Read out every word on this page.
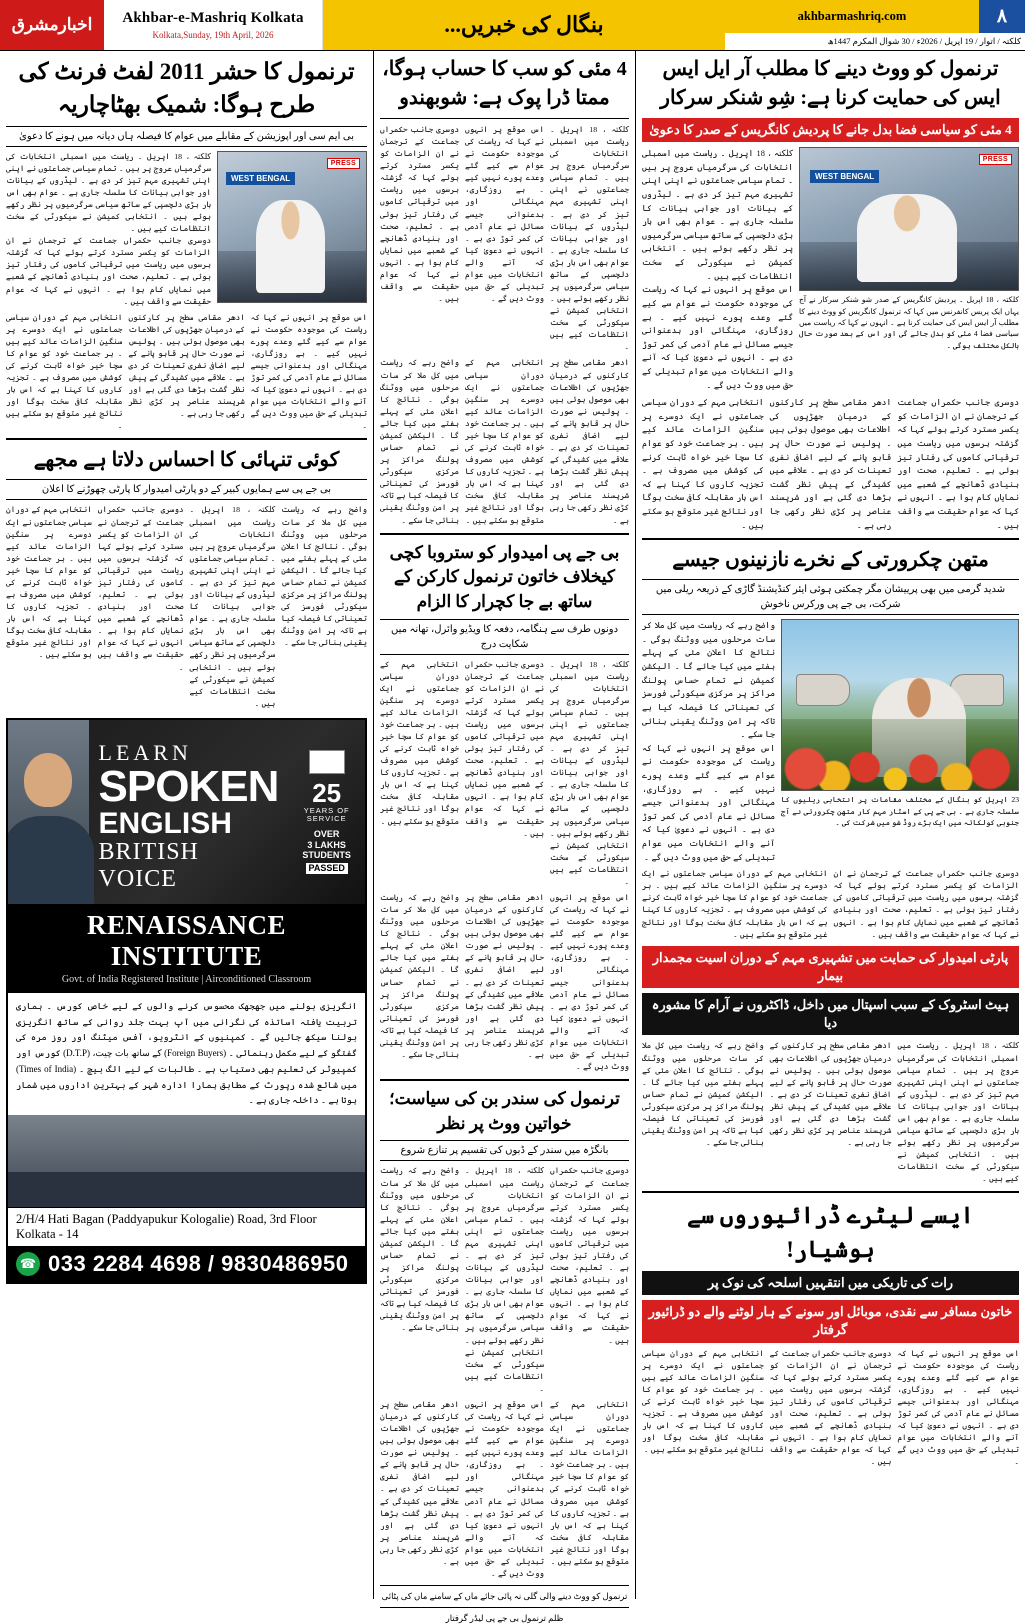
اخبارمشرق	Akhbar-e-Mashriq Kolkata
Kolkata,Sunday, 19th April, 2026	بنگال کی خبریں...	akhbarmashriq.com	۸
کلکتہ / اتوار / 19 اپریل / 2026ء / 30 شوال المکرم 1447ھ
ترنمول کو ووٹ دینے کا مطلب آر ایل ایس ایس کی حمایت کرنا ہے: شِو شنکر سرکار
4 مئی کو سیاسی فضا بدل جانے کا پردیش کانگریس کے صدر کا دعویٰ
PRESS
WEST BENGAL
کلکتہ ، 18 اپریل ۔ پردیش کانگریس کے صدر شو شنکر سرکار نے آج یہاں ایک پریس کانفرنس میں کہا کہ ترنمول کانگریس کو ووٹ دینے کا مطلب آر ایس ایس کی حمایت کرنا ہے ۔ انہوں نے کہا کہ ریاست میں سیاسی فضا 4 مئی کو بدل جائے گی اور اس کے بعد صورت حال بالکل مختلف ہوگی ۔
کلکتہ ، 18 اپریل ۔ ریاست میں اسمبلی انتخابات کی سرگرمیاں عروج پر ہیں ۔ تمام سیاسی جماعتوں نے اپنی اپنی تشہیری مہم تیز کر دی ہے ۔ لیڈروں کے بیانات اور جوابی بیانات کا سلسلہ جاری ہے ۔ عوام بھی اس بار بڑی دلچسپی کے ساتھ سیاسی سرگرمیوں پر نظر رکھے ہوئے ہیں ۔ انتخابی کمیشن نے سیکورٹی کے سخت انتظامات کیے ہیں ۔
اس موقع پر انہوں نے کہا کہ ریاست کی موجودہ حکومت نے عوام سے کیے گئے وعدے پورے نہیں کیے ۔ بے روزگاری، مہنگائی اور بدعنوانی جیسے مسائل نے عام آدمی کی کمر توڑ دی ہے ۔ انہوں نے دعویٰ کیا کہ آنے والے انتخابات میں عوام تبدیلی کے حق میں ووٹ دیں گے ۔
دوسری جانب حکمراں جماعت کے ترجمان نے ان الزامات کو یکسر مسترد کرتے ہوئے کہا کہ گزشتہ برسوں میں ریاست میں ترقیاتی کاموں کی رفتار تیز ہوئی ہے ۔ تعلیم، صحت اور بنیادی ڈھانچے کے شعبے میں نمایاں کام ہوا ہے ۔ انہوں نے کہا کہ عوام حقیقت سے واقف ہیں ۔
ادھر مقامی سطح پر کارکنوں کے درمیان جھڑپوں کی اطلاعات بھی موصول ہوئی ہیں ۔ پولیس نے صورت حال پر قابو پانے کے لیے اضافی نفری تعینات کر دی ہے ۔ علاقے میں کشیدگی کے پیش نظر گشت بڑھا دی گئی ہے اور شرپسند عناصر پر کڑی نظر رکھی جا رہی ہے ۔
انتخابی مہم کے دوران سیاسی جماعتوں نے ایک دوسرے پر سنگین الزامات عائد کیے ہیں ۔ ہر جماعت خود کو عوام کا سچا خیر خواہ ثابت کرنے کی کوشش میں مصروف ہے ۔ تجزیہ کاروں کا کہنا ہے کہ اس بار مقابلہ کافی سخت ہوگا اور نتائج غیر متوقع ہو سکتے ہیں ۔
متھن چکرورتی کے نخرے نازنینوں جیسے
شدید گرمی میں بھی پرییشان مگر چمکتی ہوئی ایئر کنڈیشنڈ گاڑی کے ذریعہ ریلی میں شرکت، بی جے پی ورکرس ناخوش
23 اپریل کو بنگال کے مختلف مقامات پر انتخابی ریلیوں کا سلسلہ جاری ہے ۔ بی جے پی کے اسٹار مہم کار متھن چکرورتی نے آج جنوبی کولکاتہ میں ایک بڑے روڈ شو میں شرکت کی ۔
واضح رہے کہ ریاست میں کل ملا کر سات مرحلوں میں ووٹنگ ہوگی ۔ نتائج کا اعلان مئی کے پہلے ہفتے میں کیا جائے گا ۔ الیکشن کمیشن نے تمام حساس پولنگ مراکز پر مرکزی سیکورٹی فورسز کی تعیناتی کا فیصلہ کیا ہے تاکہ پر امن ووٹنگ یقینی بنائی جا سکے ۔
اس موقع پر انہوں نے کہا کہ ریاست کی موجودہ حکومت نے عوام سے کیے گئے وعدے پورے نہیں کیے ۔ بے روزگاری، مہنگائی اور بدعنوانی جیسے مسائل نے عام آدمی کی کمر توڑ دی ہے ۔ انہوں نے دعویٰ کیا کہ آنے والے انتخابات میں عوام تبدیلی کے حق میں ووٹ دیں گے ۔
دوسری جانب حکمراں جماعت کے ترجمان نے ان الزامات کو یکسر مسترد کرتے ہوئے کہا کہ گزشتہ برسوں میں ریاست میں ترقیاتی کاموں کی رفتار تیز ہوئی ہے ۔ تعلیم، صحت اور بنیادی ڈھانچے کے شعبے میں نمایاں کام ہوا ہے ۔ انہوں نے کہا کہ عوام حقیقت سے واقف ہیں ۔
انتخابی مہم کے دوران سیاسی جماعتوں نے ایک دوسرے پر سنگین الزامات عائد کیے ہیں ۔ ہر جماعت خود کو عوام کا سچا خیر خواہ ثابت کرنے کی کوشش میں مصروف ہے ۔ تجزیہ کاروں کا کہنا ہے کہ اس بار مقابلہ کافی سخت ہوگا اور نتائج غیر متوقع ہو سکتے ہیں ۔
پارٹی امیدوار کی حمایت میں تشہیری مہم کے دوران اسیت مجمدار بیمار
ہیٹ اسٹروک کے سبب اسپتال میں داخل، ڈاکٹروں نے آرام کا مشورہ دیا
کلکتہ ، 18 اپریل ۔ ریاست میں اسمبلی انتخابات کی سرگرمیاں عروج پر ہیں ۔ تمام سیاسی جماعتوں نے اپنی اپنی تشہیری مہم تیز کر دی ہے ۔ لیڈروں کے بیانات اور جوابی بیانات کا سلسلہ جاری ہے ۔ عوام بھی اس بار بڑی دلچسپی کے ساتھ سیاسی سرگرمیوں پر نظر رکھے ہوئے ہیں ۔ انتخابی کمیشن نے سیکورٹی کے سخت انتظامات کیے ہیں ۔
ادھر مقامی سطح پر کارکنوں کے درمیان جھڑپوں کی اطلاعات بھی موصول ہوئی ہیں ۔ پولیس نے صورت حال پر قابو پانے کے لیے اضافی نفری تعینات کر دی ہے ۔ علاقے میں کشیدگی کے پیش نظر گشت بڑھا دی گئی ہے اور شرپسند عناصر پر کڑی نظر رکھی جا رہی ہے ۔
واضح رہے کہ ریاست میں کل ملا کر سات مرحلوں میں ووٹنگ ہوگی ۔ نتائج کا اعلان مئی کے پہلے ہفتے میں کیا جائے گا ۔ الیکشن کمیشن نے تمام حساس پولنگ مراکز پر مرکزی سیکورٹی فورسز کی تعیناتی کا فیصلہ کیا ہے تاکہ پر امن ووٹنگ یقینی بنائی جا سکے ۔
ایسے لیٹرے ڈرائیوروں سے ہوشیار!
رات کی تاریکی میں انتقہیں اسلحہ کی نوک پر
خاتون مسافر سے نقدی، موبائل اور سونے کے ہار لوٹنے والے دو ڈرائیور گرفتار
اس موقع پر انہوں نے کہا کہ ریاست کی موجودہ حکومت نے عوام سے کیے گئے وعدے پورے نہیں کیے ۔ بے روزگاری، مہنگائی اور بدعنوانی جیسے مسائل نے عام آدمی کی کمر توڑ دی ہے ۔ انہوں نے دعویٰ کیا کہ آنے والے انتخابات میں عوام تبدیلی کے حق میں ووٹ دیں گے ۔
دوسری جانب حکمراں جماعت کے ترجمان نے ان الزامات کو یکسر مسترد کرتے ہوئے کہا کہ گزشتہ برسوں میں ریاست میں ترقیاتی کاموں کی رفتار تیز ہوئی ہے ۔ تعلیم، صحت اور بنیادی ڈھانچے کے شعبے میں نمایاں کام ہوا ہے ۔ انہوں نے کہا کہ عوام حقیقت سے واقف ہیں ۔
انتخابی مہم کے دوران سیاسی جماعتوں نے ایک دوسرے پر سنگین الزامات عائد کیے ہیں ۔ ہر جماعت خود کو عوام کا سچا خیر خواہ ثابت کرنے کی کوشش میں مصروف ہے ۔ تجزیہ کاروں کا کہنا ہے کہ اس بار مقابلہ کافی سخت ہوگا اور نتائج غیر متوقع ہو سکتے ہیں ۔
4 مئی کو سب کا حساب ہوگا، ممتا ڈرا پوک ہے: شوبھندو
کلکتہ ، 18 اپریل ۔ ریاست میں اسمبلی انتخابات کی سرگرمیاں عروج پر ہیں ۔ تمام سیاسی جماعتوں نے اپنی اپنی تشہیری مہم تیز کر دی ہے ۔ لیڈروں کے بیانات اور جوابی بیانات کا سلسلہ جاری ہے ۔ عوام بھی اس بار بڑی دلچسپی کے ساتھ سیاسی سرگرمیوں پر نظر رکھے ہوئے ہیں ۔ انتخابی کمیشن نے سیکورٹی کے سخت انتظامات کیے ہیں ۔
اس موقع پر انہوں نے کہا کہ ریاست کی موجودہ حکومت نے عوام سے کیے گئے وعدے پورے نہیں کیے ۔ بے روزگاری، مہنگائی اور بدعنوانی جیسے مسائل نے عام آدمی کی کمر توڑ دی ہے ۔ انہوں نے دعویٰ کیا کہ آنے والے انتخابات میں عوام تبدیلی کے حق میں ووٹ دیں گے ۔
دوسری جانب حکمراں جماعت کے ترجمان نے ان الزامات کو یکسر مسترد کرتے ہوئے کہا کہ گزشتہ برسوں میں ریاست میں ترقیاتی کاموں کی رفتار تیز ہوئی ہے ۔ تعلیم، صحت اور بنیادی ڈھانچے کے شعبے میں نمایاں کام ہوا ہے ۔ انہوں نے کہا کہ عوام حقیقت سے واقف ہیں ۔
ادھر مقامی سطح پر کارکنوں کے درمیان جھڑپوں کی اطلاعات بھی موصول ہوئی ہیں ۔ پولیس نے صورت حال پر قابو پانے کے لیے اضافی نفری تعینات کر دی ہے ۔ علاقے میں کشیدگی کے پیش نظر گشت بڑھا دی گئی ہے اور شرپسند عناصر پر کڑی نظر رکھی جا رہی ہے ۔
انتخابی مہم کے دوران سیاسی جماعتوں نے ایک دوسرے پر سنگین الزامات عائد کیے ہیں ۔ ہر جماعت خود کو عوام کا سچا خیر خواہ ثابت کرنے کی کوشش میں مصروف ہے ۔ تجزیہ کاروں کا کہنا ہے کہ اس بار مقابلہ کافی سخت ہوگا اور نتائج غیر متوقع ہو سکتے ہیں ۔
واضح رہے کہ ریاست میں کل ملا کر سات مرحلوں میں ووٹنگ ہوگی ۔ نتائج کا اعلان مئی کے پہلے ہفتے میں کیا جائے گا ۔ الیکشن کمیشن نے تمام حساس پولنگ مراکز پر مرکزی سیکورٹی فورسز کی تعیناتی کا فیصلہ کیا ہے تاکہ پر امن ووٹنگ یقینی بنائی جا سکے ۔
بی جے پی امیدوار کو ستروبا کچی کیخلاف خاتون ترنمول کارکن کے ساتھ بے جا کچرار کا الزام
دونوں طرف سے ہنگامہ، دفعہ کا ویڈیو وائرل، تھانہ میں شکایت درج
کلکتہ ، 18 اپریل ۔ ریاست میں اسمبلی انتخابات کی سرگرمیاں عروج پر ہیں ۔ تمام سیاسی جماعتوں نے اپنی اپنی تشہیری مہم تیز کر دی ہے ۔ لیڈروں کے بیانات اور جوابی بیانات کا سلسلہ جاری ہے ۔ عوام بھی اس بار بڑی دلچسپی کے ساتھ سیاسی سرگرمیوں پر نظر رکھے ہوئے ہیں ۔ انتخابی کمیشن نے سیکورٹی کے سخت انتظامات کیے ہیں ۔
دوسری جانب حکمراں جماعت کے ترجمان نے ان الزامات کو یکسر مسترد کرتے ہوئے کہا کہ گزشتہ برسوں میں ریاست میں ترقیاتی کاموں کی رفتار تیز ہوئی ہے ۔ تعلیم، صحت اور بنیادی ڈھانچے کے شعبے میں نمایاں کام ہوا ہے ۔ انہوں نے کہا کہ عوام حقیقت سے واقف ہیں ۔
انتخابی مہم کے دوران سیاسی جماعتوں نے ایک دوسرے پر سنگین الزامات عائد کیے ہیں ۔ ہر جماعت خود کو عوام کا سچا خیر خواہ ثابت کرنے کی کوشش میں مصروف ہے ۔ تجزیہ کاروں کا کہنا ہے کہ اس بار مقابلہ کافی سخت ہوگا اور نتائج غیر متوقع ہو سکتے ہیں ۔
اس موقع پر انہوں نے کہا کہ ریاست کی موجودہ حکومت نے عوام سے کیے گئے وعدے پورے نہیں کیے ۔ بے روزگاری، مہنگائی اور بدعنوانی جیسے مسائل نے عام آدمی کی کمر توڑ دی ہے ۔ انہوں نے دعویٰ کیا کہ آنے والے انتخابات میں عوام تبدیلی کے حق میں ووٹ دیں گے ۔
ادھر مقامی سطح پر کارکنوں کے درمیان جھڑپوں کی اطلاعات بھی موصول ہوئی ہیں ۔ پولیس نے صورت حال پر قابو پانے کے لیے اضافی نفری تعینات کر دی ہے ۔ علاقے میں کشیدگی کے پیش نظر گشت بڑھا دی گئی ہے اور شرپسند عناصر پر کڑی نظر رکھی جا رہی ہے ۔
واضح رہے کہ ریاست میں کل ملا کر سات مرحلوں میں ووٹنگ ہوگی ۔ نتائج کا اعلان مئی کے پہلے ہفتے میں کیا جائے گا ۔ الیکشن کمیشن نے تمام حساس پولنگ مراکز پر مرکزی سیکورٹی فورسز کی تعیناتی کا فیصلہ کیا ہے تاکہ پر امن ووٹنگ یقینی بنائی جا سکے ۔
ترنمول کی سندر بن کی سیاست؛ خواتین ووٹ پر نظر
بانگڑہ میں سندر کے ڈبوں کی تقسیم پر تنازع شروع
دوسری جانب حکمراں جماعت کے ترجمان نے ان الزامات کو یکسر مسترد کرتے ہوئے کہا کہ گزشتہ برسوں میں ریاست میں ترقیاتی کاموں کی رفتار تیز ہوئی ہے ۔ تعلیم، صحت اور بنیادی ڈھانچے کے شعبے میں نمایاں کام ہوا ہے ۔ انہوں نے کہا کہ عوام حقیقت سے واقف ہیں ۔
کلکتہ ، 18 اپریل ۔ ریاست میں اسمبلی انتخابات کی سرگرمیاں عروج پر ہیں ۔ تمام سیاسی جماعتوں نے اپنی اپنی تشہیری مہم تیز کر دی ہے ۔ لیڈروں کے بیانات اور جوابی بیانات کا سلسلہ جاری ہے ۔ عوام بھی اس بار بڑی دلچسپی کے ساتھ سیاسی سرگرمیوں پر نظر رکھے ہوئے ہیں ۔ انتخابی کمیشن نے سیکورٹی کے سخت انتظامات کیے ہیں ۔
واضح رہے کہ ریاست میں کل ملا کر سات مرحلوں میں ووٹنگ ہوگی ۔ نتائج کا اعلان مئی کے پہلے ہفتے میں کیا جائے گا ۔ الیکشن کمیشن نے تمام حساس پولنگ مراکز پر مرکزی سیکورٹی فورسز کی تعیناتی کا فیصلہ کیا ہے تاکہ پر امن ووٹنگ یقینی بنائی جا سکے ۔
انتخابی مہم کے دوران سیاسی جماعتوں نے ایک دوسرے پر سنگین الزامات عائد کیے ہیں ۔ ہر جماعت خود کو عوام کا سچا خیر خواہ ثابت کرنے کی کوشش میں مصروف ہے ۔ تجزیہ کاروں کا کہنا ہے کہ اس بار مقابلہ کافی سخت ہوگا اور نتائج غیر متوقع ہو سکتے ہیں ۔
اس موقع پر انہوں نے کہا کہ ریاست کی موجودہ حکومت نے عوام سے کیے گئے وعدے پورے نہیں کیے ۔ بے روزگاری، مہنگائی اور بدعنوانی جیسے مسائل نے عام آدمی کی کمر توڑ دی ہے ۔ انہوں نے دعویٰ کیا کہ آنے والے انتخابات میں عوام تبدیلی کے حق میں ووٹ دیں گے ۔
ادھر مقامی سطح پر کارکنوں کے درمیان جھڑپوں کی اطلاعات بھی موصول ہوئی ہیں ۔ پولیس نے صورت حال پر قابو پانے کے لیے اضافی نفری تعینات کر دی ہے ۔ علاقے میں کشیدگی کے پیش نظر گشت بڑھا دی گئی ہے اور شرپسند عناصر پر کڑی نظر رکھی جا رہی ہے ۔
ترنمول کو ووٹ دینے والی گلی نہ پائی جائے ماں کے سامنے ماں کی پٹائی
ظلم ترنمول بی جے پی لیڈر گرفتار
ترنمول کا حشر 2011 لفٹ فرنٹ کی طرح ہوگا: شمیک بھٹاچاریہ
بی ایم سی اور اپوزیشن کے مقابلے میں عوام کا فیصلہ ہاں دیانہ میں ہونے کا دعویٰ
PRESS
WEST BENGAL
کلکتہ ، 18 اپریل ۔ ریاست میں اسمبلی انتخابات کی سرگرمیاں عروج پر ہیں ۔ تمام سیاسی جماعتوں نے اپنی اپنی تشہیری مہم تیز کر دی ہے ۔ لیڈروں کے بیانات اور جوابی بیانات کا سلسلہ جاری ہے ۔ عوام بھی اس بار بڑی دلچسپی کے ساتھ سیاسی سرگرمیوں پر نظر رکھے ہوئے ہیں ۔ انتخابی کمیشن نے سیکورٹی کے سخت انتظامات کیے ہیں ۔
دوسری جانب حکمراں جماعت کے ترجمان نے ان الزامات کو یکسر مسترد کرتے ہوئے کہا کہ گزشتہ برسوں میں ریاست میں ترقیاتی کاموں کی رفتار تیز ہوئی ہے ۔ تعلیم، صحت اور بنیادی ڈھانچے کے شعبے میں نمایاں کام ہوا ہے ۔ انہوں نے کہا کہ عوام حقیقت سے واقف ہیں ۔
اس موقع پر انہوں نے کہا کہ ریاست کی موجودہ حکومت نے عوام سے کیے گئے وعدے پورے نہیں کیے ۔ بے روزگاری، مہنگائی اور بدعنوانی جیسے مسائل نے عام آدمی کی کمر توڑ دی ہے ۔ انہوں نے دعویٰ کیا کہ آنے والے انتخابات میں عوام تبدیلی کے حق میں ووٹ دیں گے ۔
ادھر مقامی سطح پر کارکنوں کے درمیان جھڑپوں کی اطلاعات بھی موصول ہوئی ہیں ۔ پولیس نے صورت حال پر قابو پانے کے لیے اضافی نفری تعینات کر دی ہے ۔ علاقے میں کشیدگی کے پیش نظر گشت بڑھا دی گئی ہے اور شرپسند عناصر پر کڑی نظر رکھی جا رہی ہے ۔
انتخابی مہم کے دوران سیاسی جماعتوں نے ایک دوسرے پر سنگین الزامات عائد کیے ہیں ۔ ہر جماعت خود کو عوام کا سچا خیر خواہ ثابت کرنے کی کوشش میں مصروف ہے ۔ تجزیہ کاروں کا کہنا ہے کہ اس بار مقابلہ کافی سخت ہوگا اور نتائج غیر متوقع ہو سکتے ہیں ۔
کوئی تنہائی کا احساس دلاتا ہے مجھے
بی جے پی سے ہمایوں کبیر کے دو پارٹی امیدوار کا پارٹی چھوڑنے کا اعلان
واضح رہے کہ ریاست میں کل ملا کر سات مرحلوں میں ووٹنگ ہوگی ۔ نتائج کا اعلان مئی کے پہلے ہفتے میں کیا جائے گا ۔ الیکشن کمیشن نے تمام حساس پولنگ مراکز پر مرکزی سیکورٹی فورسز کی تعیناتی کا فیصلہ کیا ہے تاکہ پر امن ووٹنگ یقینی بنائی جا سکے ۔
کلکتہ ، 18 اپریل ۔ ریاست میں اسمبلی انتخابات کی سرگرمیاں عروج پر ہیں ۔ تمام سیاسی جماعتوں نے اپنی اپنی تشہیری مہم تیز کر دی ہے ۔ لیڈروں کے بیانات اور جوابی بیانات کا سلسلہ جاری ہے ۔ عوام بھی اس بار بڑی دلچسپی کے ساتھ سیاسی سرگرمیوں پر نظر رکھے ہوئے ہیں ۔ انتخابی کمیشن نے سیکورٹی کے سخت انتظامات کیے ہیں ۔
دوسری جانب حکمراں جماعت کے ترجمان نے ان الزامات کو یکسر مسترد کرتے ہوئے کہا کہ گزشتہ برسوں میں ریاست میں ترقیاتی کاموں کی رفتار تیز ہوئی ہے ۔ تعلیم، صحت اور بنیادی ڈھانچے کے شعبے میں نمایاں کام ہوا ہے ۔ انہوں نے کہا کہ عوام حقیقت سے واقف ہیں ۔
انتخابی مہم کے دوران سیاسی جماعتوں نے ایک دوسرے پر سنگین الزامات عائد کیے ہیں ۔ ہر جماعت خود کو عوام کا سچا خیر خواہ ثابت کرنے کی کوشش میں مصروف ہے ۔ تجزیہ کاروں کا کہنا ہے کہ اس بار مقابلہ کافی سخت ہوگا اور نتائج غیر متوقع ہو سکتے ہیں ۔
LEARN
SPOKEN
ENGLISH
BRITISH VOICE
25
YEARS OF SERVICE
OVER
3 LAKHS
STUDENTS
PASSED
RENAISSANCE INSTITUTE
Govt. of India Registered Institute | Airconditioned Classroom
انگریزی بولنے میں جھجھک محسوس کرنے والوں کے لیے خاص کورس ۔ ہماری تربیت یافتہ اساتذہ کی نگرانی میں آپ بہت جلد روانی کے ساتھ انگریزی بولنا سیکھ جائیں گے ۔ کمپنیوں کے انٹرویو، آفس میٹنگ اور روز مرہ کی گفتگو کے لیے مکمل رہنمائی ۔ (Foreign Buyers) کے ساتھ بات چیت، (D.T.P) کورس اور کمپیوٹر کی تعلیم بھی دستیاب ہے ۔ طالبات کے لیے الگ بیچ ۔ (Times of India) میں شائع شدہ رپورٹ کے مطابق ہمارا ادارہ شہر کے بہترین اداروں میں شمار ہوتا ہے ۔ داخلہ جاری ہے ۔
2/H/4 Hati Bagan (Paddyapukur Kologalie) Road, 3rd Floor Kolkata - 14
☎ 033 2284 4698 / 9830486950
